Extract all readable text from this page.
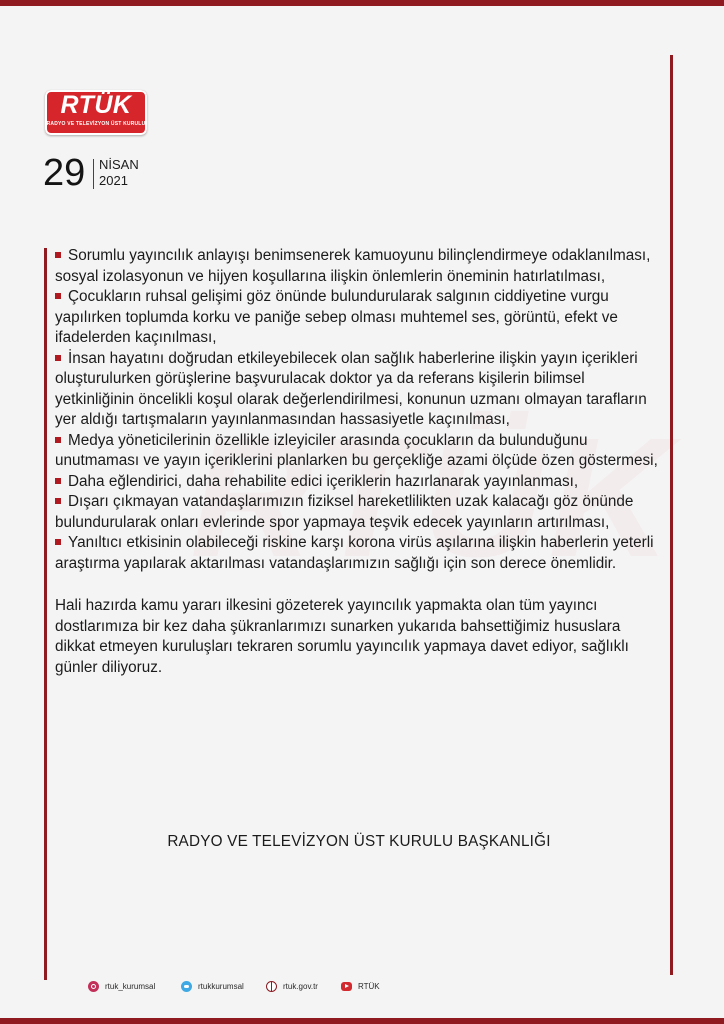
RTÜK
RADYO VE TELEVİZYON ÜST KURULU
29 NİSAN
2021
Sorumlu yayıncılık anlayışı benimsenerek kamuoyunu bilinçlendirmeye odaklanılması, sosyal izolasyonun ve hijyen koşullarına ilişkin önlemlerin öneminin hatırlatılması,
Çocukların ruhsal gelişimi göz önünde bulundurularak salgının ciddiyetine vurgu yapılırken toplumda korku ve paniğe sebep olması muhtemel ses, görüntü, efekt ve ifadelerden kaçınılması,
İnsan hayatını doğrudan etkileyebilecek olan sağlık haberlerine ilişkin yayın içerikleri oluşturulurken görüşlerine başvurulacak doktor ya da referans kişilerin bilimsel yetkinliğinin öncelikli koşul olarak değerlendirilmesi, konunun uzmanı olmayan tarafların yer aldığı tartışmaların yayınlanmasından hassasiyetle kaçınılması,
Medya yöneticilerinin özellikle izleyiciler arasında çocukların da bulunduğunu unutmaması ve yayın içeriklerini planlarken bu gerçekliğe azami ölçüde özen göstermesi,
Daha eğlendirici, daha rehabilite edici içeriklerin hazırlanarak yayınlanması,
Dışarı çıkmayan vatandaşlarımızın fiziksel hareketlilikten uzak kalacağı göz önünde bulundurularak onları evlerinde spor yapmaya teşvik edecek yayınların artırılması,
Yanıltıcı etkisinin olabileceği riskine karşı korona virüs aşılarına ilişkin haberlerin yeterli araştırma yapılarak aktarılması vatandaşlarımızın sağlığı için son derece önemlidir.

Hali hazırda kamu yararı ilkesini gözeterek yayıncılık yapmakta olan tüm yayıncı dostlarımıza bir kez daha şükranlarımızı sunarken yukarıda bahsettiğimiz hususlara dikkat etmeyen kuruluşları tekraren sorumlu yayıncılık yapmaya davet ediyor, sağlıklı günler diliyoruz.

RADYO VE TELEVİZYON ÜST KURULU BAŞKANLIĞI
rtuk_kurumsal	rtukkurumsal	rtuk.gov.tr	RTÜK
